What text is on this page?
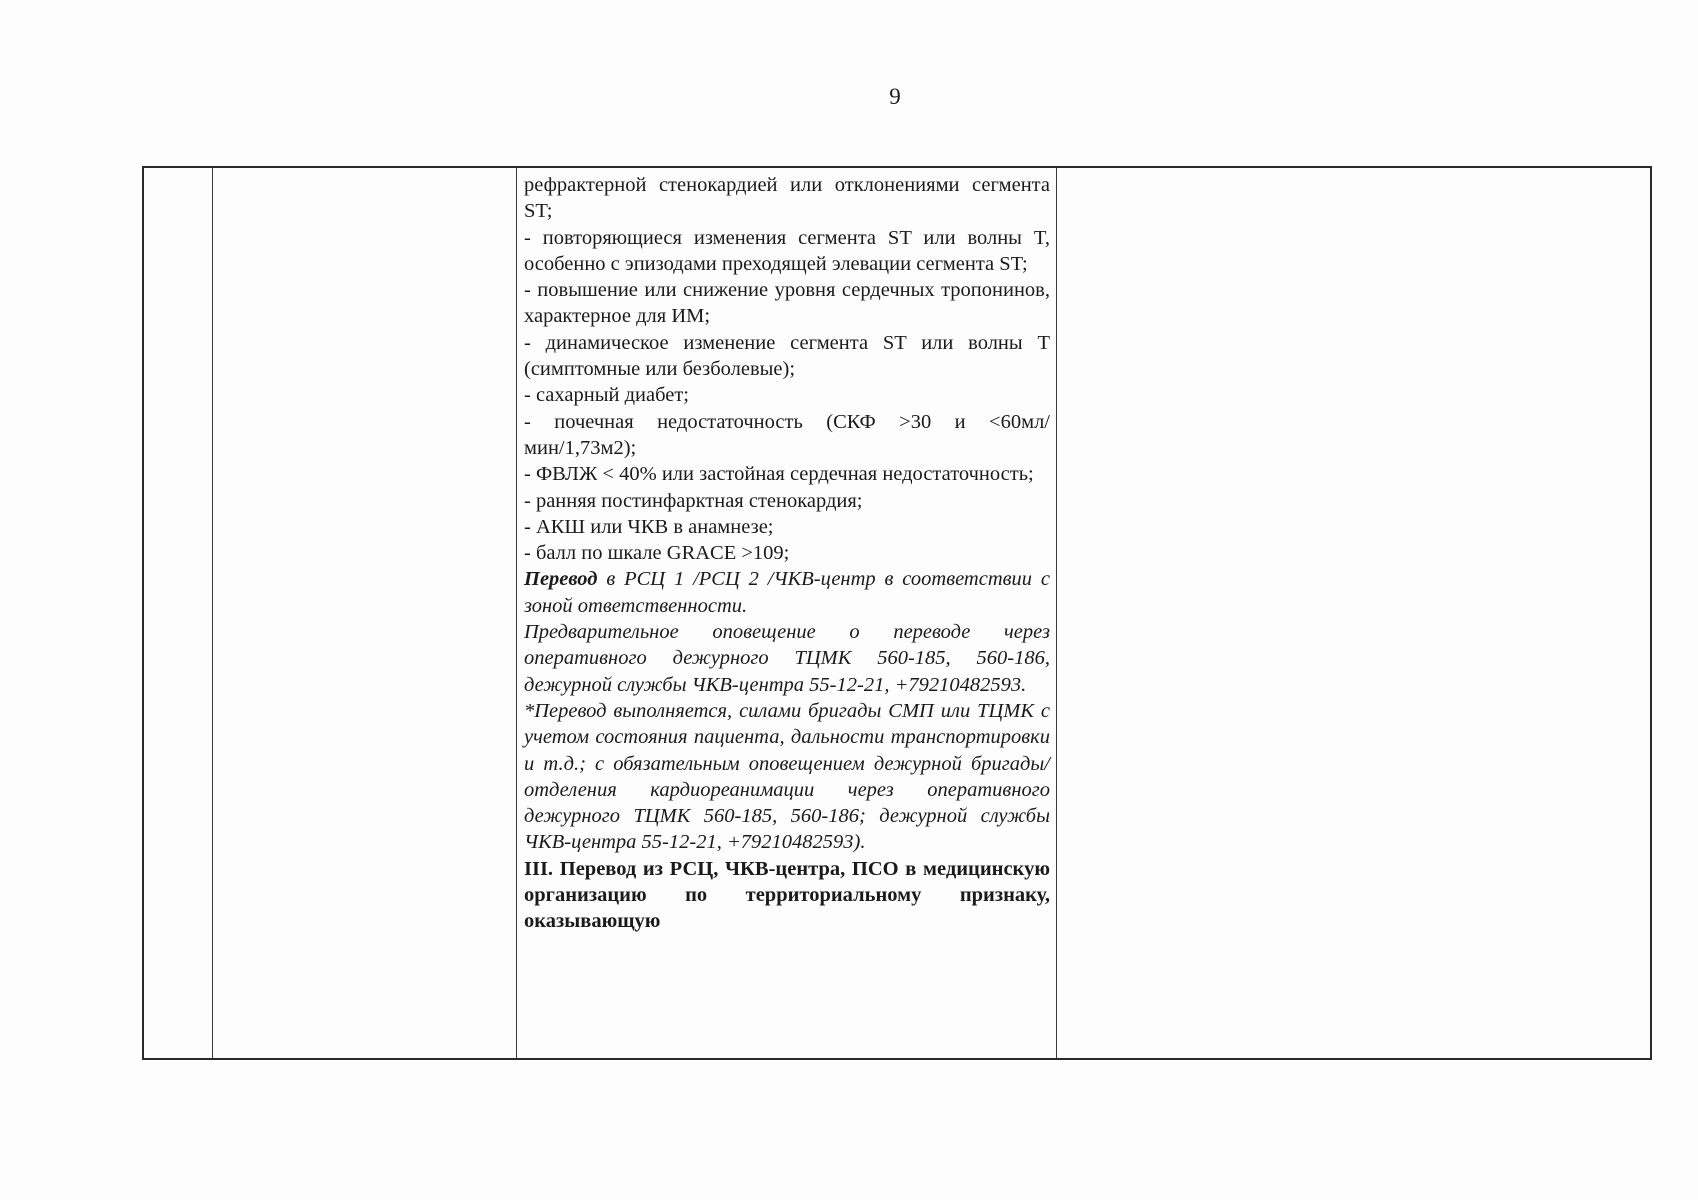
9

рефрактерной стенокардией или отклонениями сегмента ST;

- повторяющиеся изменения сегмента ST или волны T, особенно с эпизодами преходящей элевации сегмента ST;

- повышение или снижение уровня сердечных тропонинов, характерное для ИМ;

- динамическое изменение сегмента ST или волны T (симптомные или безболевые);

- сахарный диабет;

- почечная недостаточность (СКФ >30 и <60мл/мин/1,73м2);

- ФВЛЖ < 40% или застойная сердечная недостаточность;

- ранняя постинфарктная стенокардия;

- АКШ или ЧКВ в анамнезе;

- балл по шкале GRACE >109;

Перевод в РСЦ 1 /РСЦ 2 /ЧКВ-центр в соответствии с зоной ответственности.

Предварительное оповещение о переводе через оперативного дежурного ТЦМК 560-185, 560-186, дежурной службы ЧКВ-центра 55-12-21, +79210482593.

*Перевод выполняется, силами бригады СМП или ТЦМК с учетом состояния пациента, дальности транспортировки и т.д.; с обязательным оповещением дежурной бригады/ отделения кардиореанимации через оперативного дежурного ТЦМК 560-185, 560-186; дежурной службы ЧКВ-центра 55-12-21, +79210482593).

III. Перевод из РСЦ, ЧКВ-центра, ПСО в медицинскую организацию по территориальному признаку, оказывающую
